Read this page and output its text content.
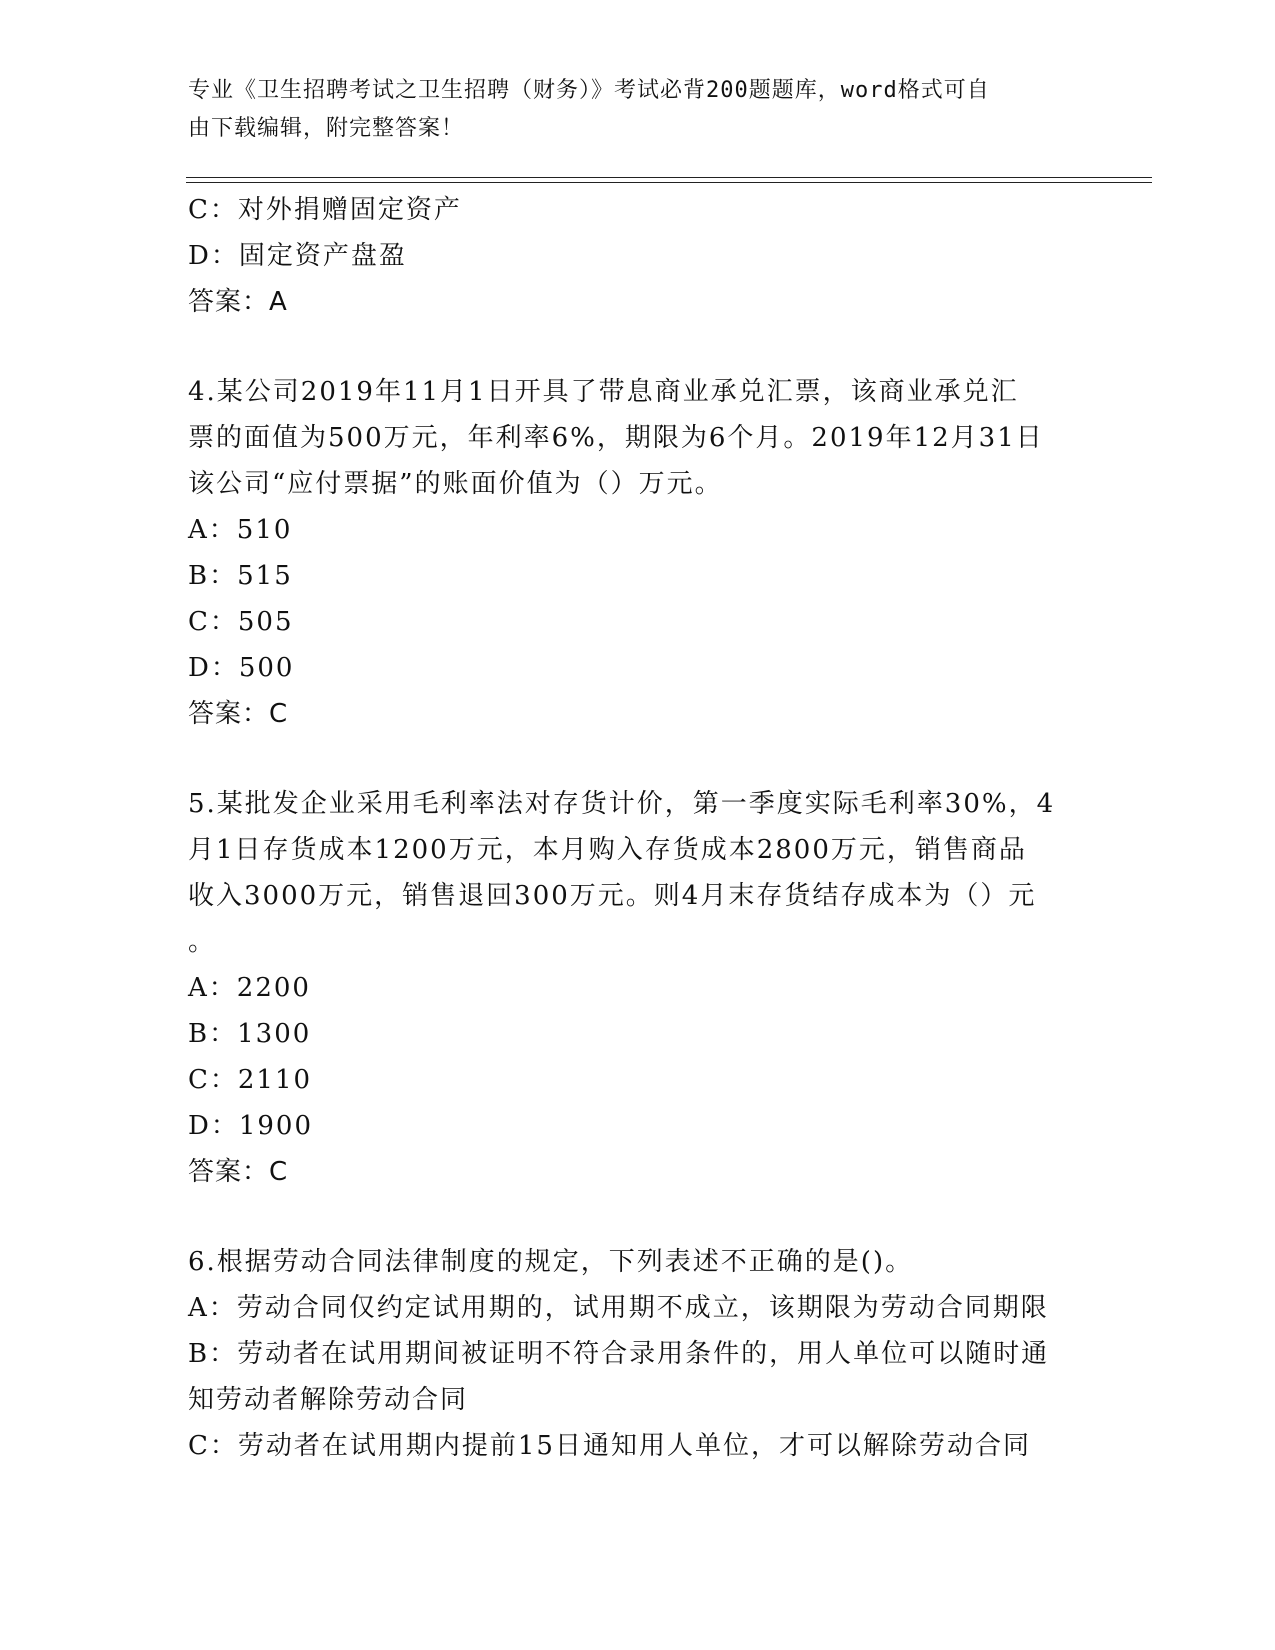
专业《卫生招聘考试之卫生招聘（财务）》考试必背200题题库，word格式可自
由下载编辑，附完整答案！
C：对外捐赠固定资产
D：固定资产盘盈
答案：A
4.某公司2019年11月1日开具了带息商业承兑汇票，该商业承兑汇
票的面值为500万元，年利率6%，期限为6个月。2019年12月31日
该公司“应付票据”的账面价值为（）万元。
A：510
B：515
C：505
D：500
答案：C
5.某批发企业采用毛利率法对存货计价，第一季度实际毛利率30%，4
月1日存货成本1200万元，本月购入存货成本2800万元，销售商品
收入3000万元，销售退回300万元。则4月末存货结存成本为（）元
。
A：2200
B：1300
C：2110
D：1900
答案：C
6.根据劳动合同法律制度的规定，下列表述不正确的是()。
A：劳动合同仅约定试用期的，试用期不成立，该期限为劳动合同期限
B：劳动者在试用期间被证明不符合录用条件的，用人单位可以随时通
知劳动者解除劳动合同
C：劳动者在试用期内提前15日通知用人单位，才可以解除劳动合同
